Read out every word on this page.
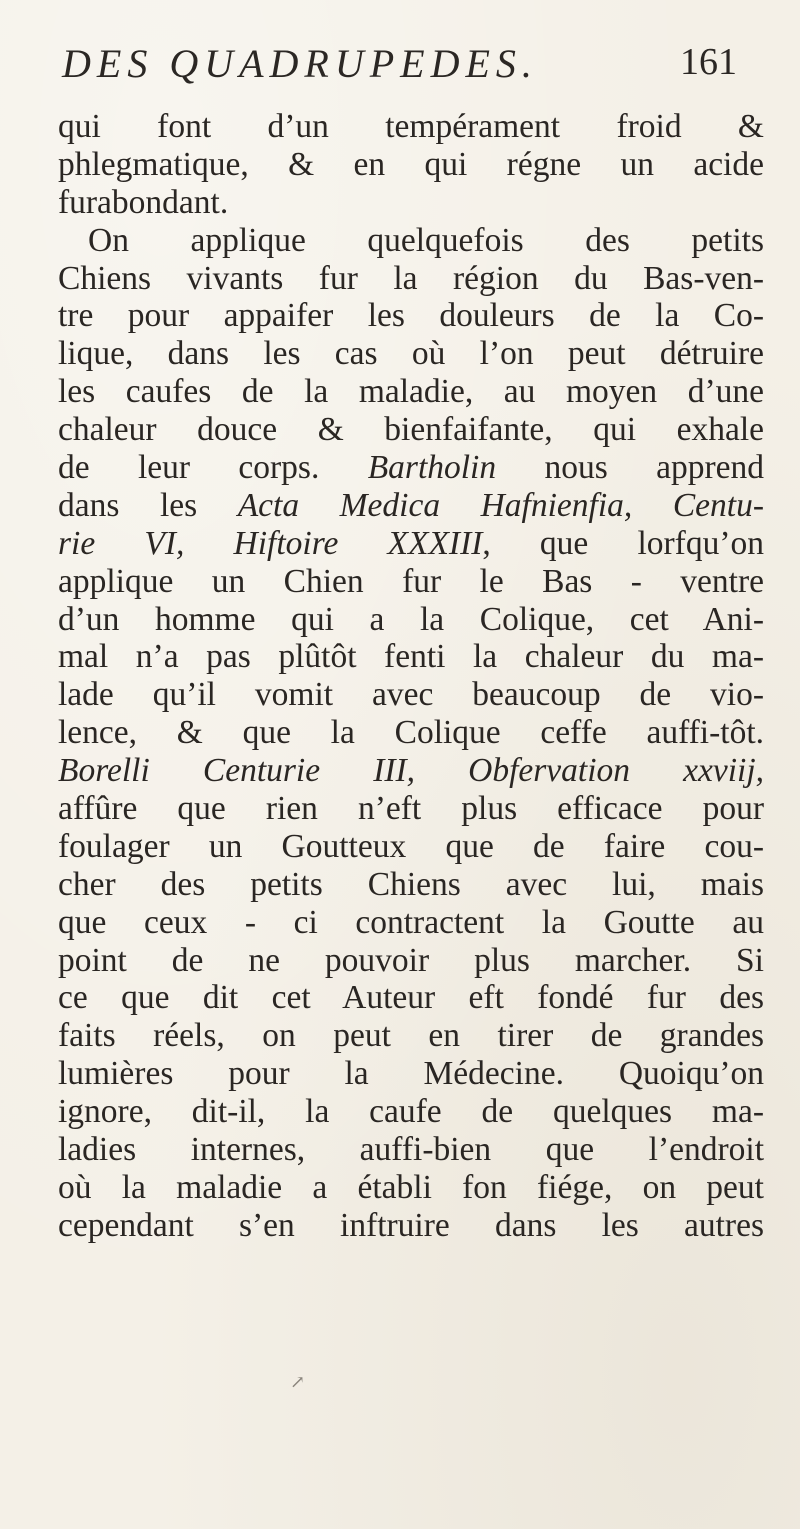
DES QUADRUPEDES.	161
qui font d’un tempérament froid &
phlegmatique, & en qui régne un acide
furabondant.
On applique quelquefois des petits
Chiens vivants fur la région du Bas-ven-
tre pour appaifer les douleurs de la Co-
lique, dans les cas où l’on peut détruire
les caufes de la maladie, au moyen d’une
chaleur douce & bienfaifante, qui exhale
de leur corps. Bartholin nous apprend
dans les Acta Medica Hafnienfia, Centu-
rie VI, Hiftoire XXXIII, que lorfqu’on
applique un Chien fur le Bas - ventre
d’un homme qui a la Colique, cet Ani-
mal n’a pas plûtôt fenti la chaleur du ma-
lade qu’il vomit avec beaucoup de vio-
lence, & que la Colique ceffe auffi-tôt.
Borelli Centurie III, Obfervation xxviij,
affûre que rien n’eft plus efficace pour
foulager un Goutteux que de faire cou-
cher des petits Chiens avec lui, mais
que ceux - ci contractent la Goutte au
point de ne pouvoir plus marcher. Si
ce que dit cet Auteur eft fondé fur des
faits réels, on peut en tirer de grandes
lumières pour la Médecine. Quoiqu’on
ignore, dit-il, la caufe de quelques ma-
ladies internes, auffi-bien que l’endroit
où la maladie a établi fon fiége, on peut
cependant s’en inftruire dans les autres
↗
